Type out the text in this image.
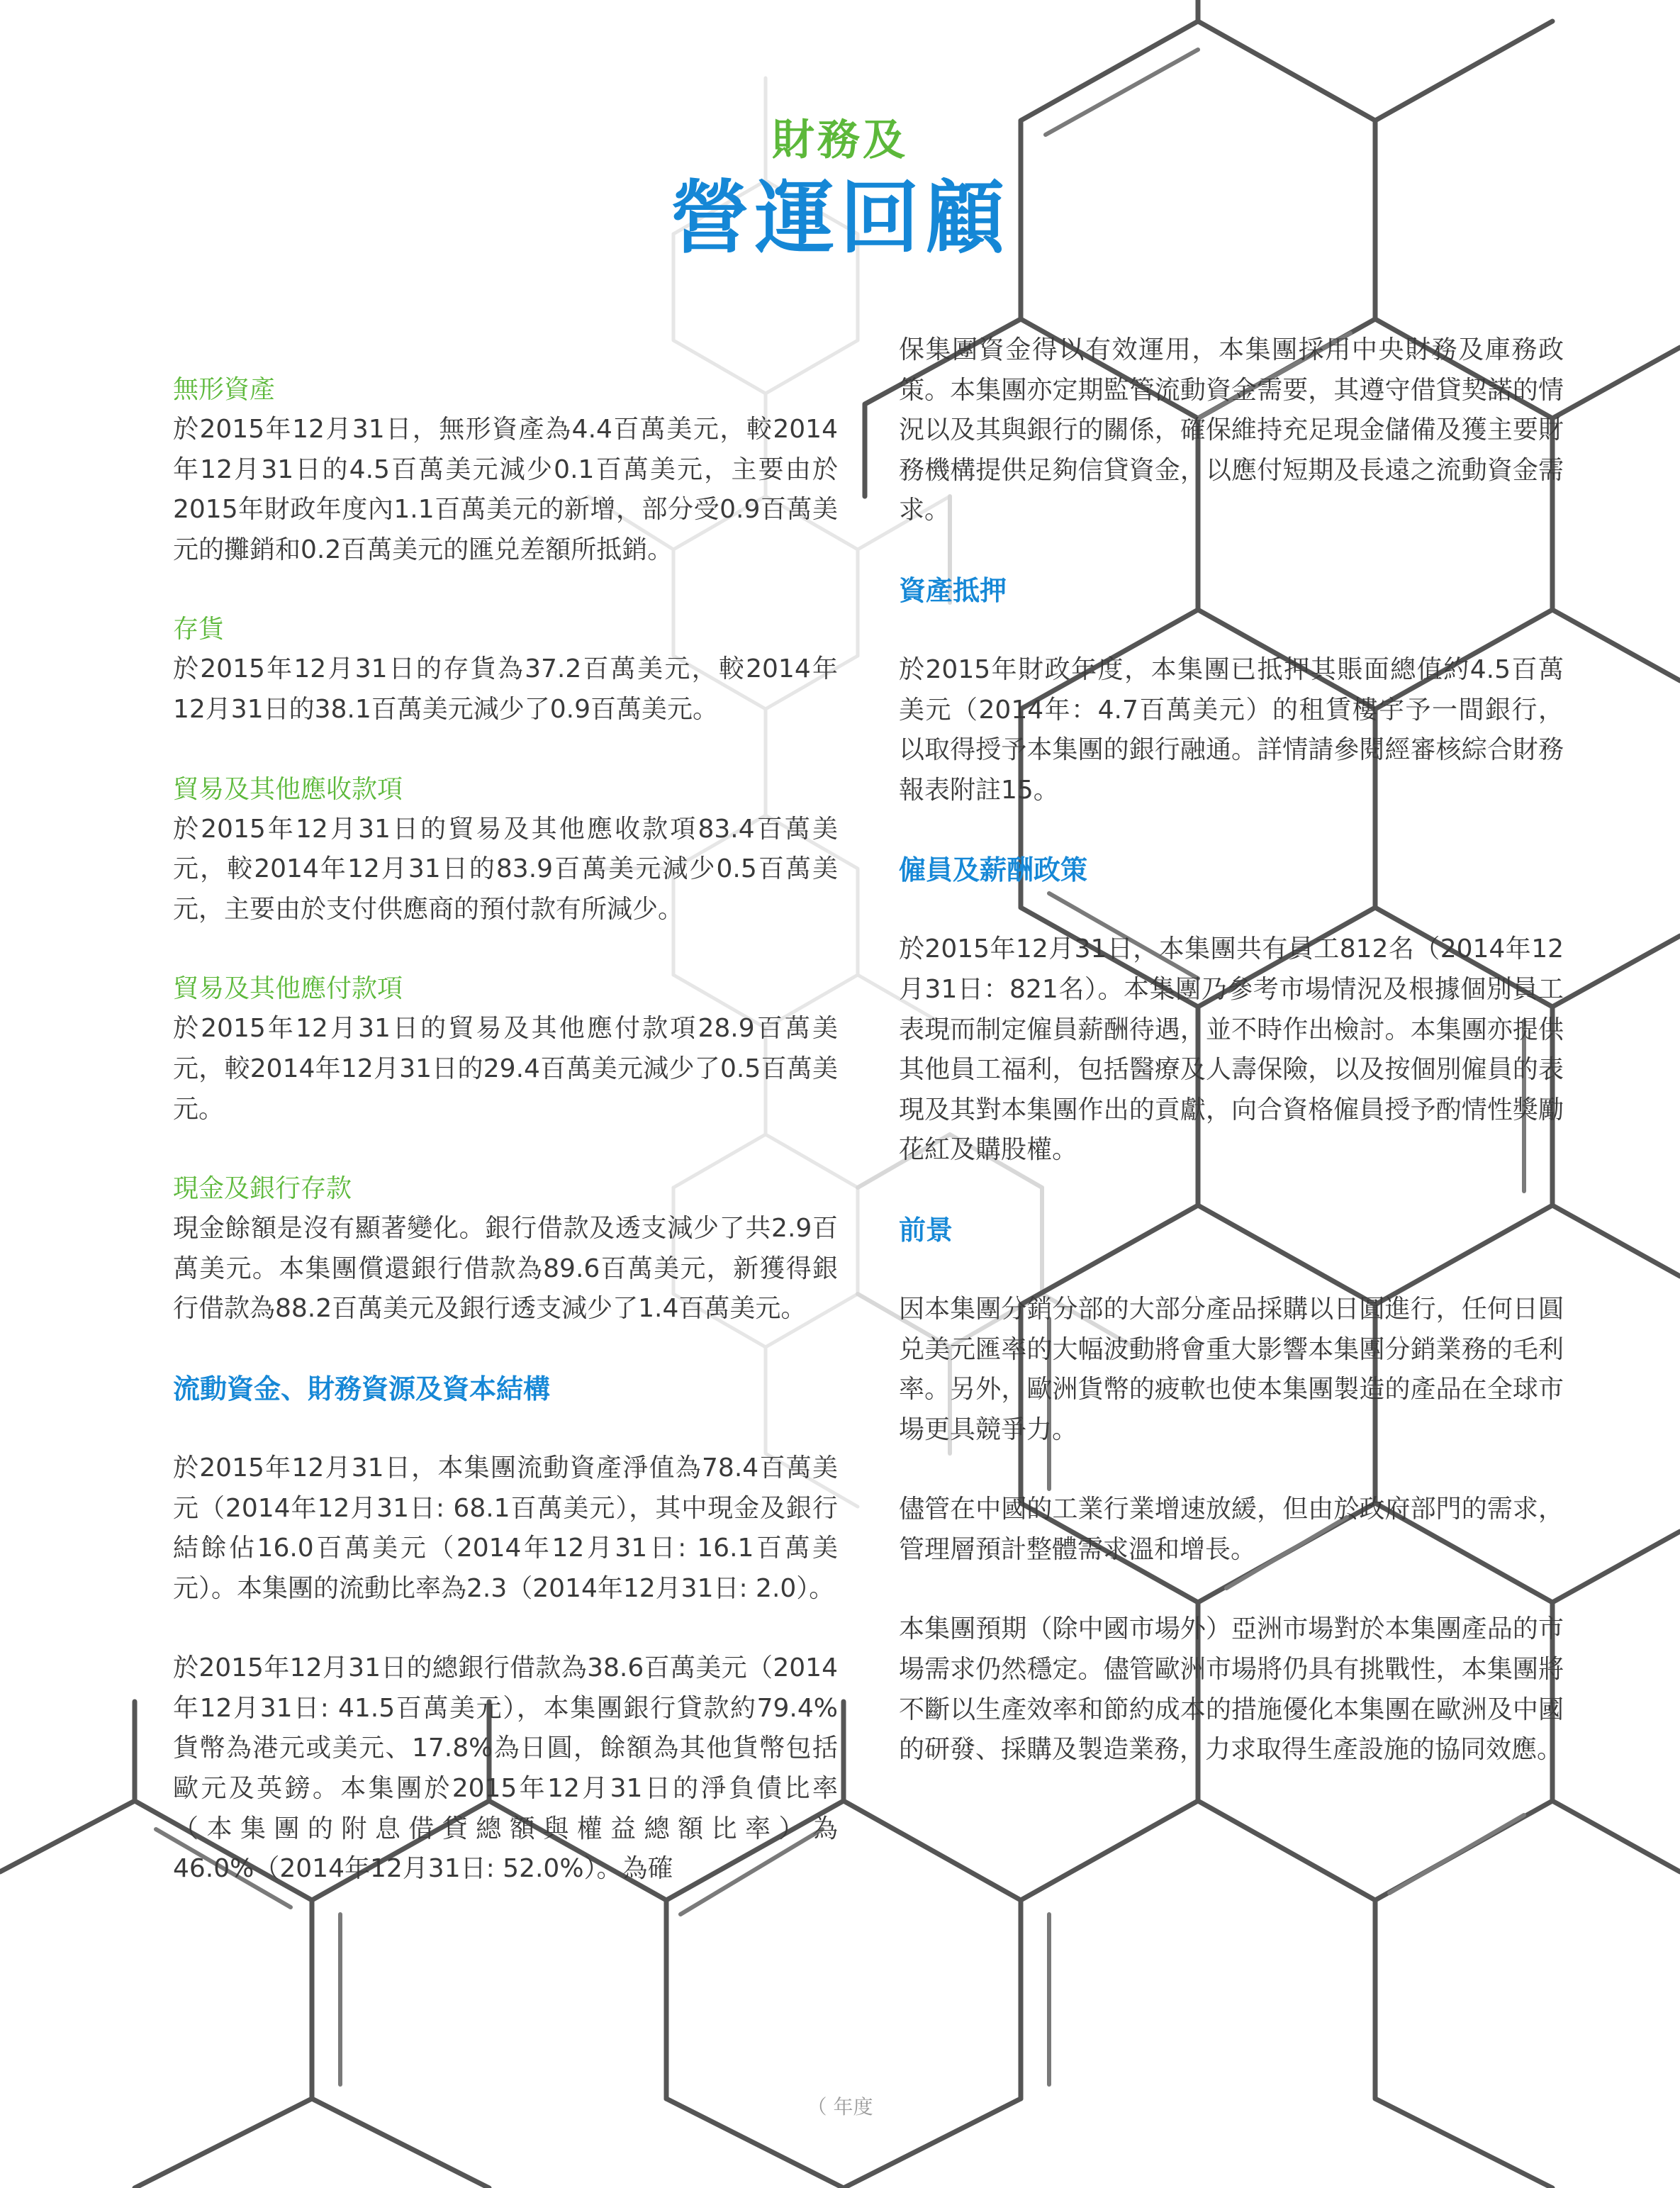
財務及
營運回顧
無形資產

於2015年12月31日，無形資產為4.4百萬美元，較2014年12月31日的4.5百萬美元減少0.1百萬美元，主要由於2015年財政年度內1.1百萬美元的新增，部分受0.9百萬美元的攤銷和0.2百萬美元的匯兑差額所抵銷。

存貨

於2015年12月31日的存貨為37.2百萬美元，較2014年12月31日的38.1百萬美元減少了0.9百萬美元。

貿易及其他應收款項

於2015年12月31日的貿易及其他應收款項83.4百萬美元，較2014年12月31日的83.9百萬美元減少0.5百萬美元，主要由於支付供應商的預付款有所減少。

貿易及其他應付款項

於2015年12月31日的貿易及其他應付款項28.9百萬美元，較2014年12月31日的29.4百萬美元減少了0.5百萬美元。

現金及銀行存款

現金餘額是沒有顯著變化。銀行借款及透支減少了共2.9百萬美元。本集團償還銀行借款為89.6百萬美元，新獲得銀行借款為88.2百萬美元及銀行透支減少了1.4百萬美元。

流動資金、財務資源及資本結構

於2015年12月31日，本集團流動資產淨值為78.4百萬美元（2014年12月31日: 68.1百萬美元），其中現金及銀行結餘佔16.0百萬美元（2014年12月31日: 16.1百萬美元）。本集團的流動比率為2.3（2014年12月31日: 2.0）。

於2015年12月31日的總銀行借款為38.6百萬美元（2014年12月31日: 41.5百萬美元），本集團銀行貸款約79.4%貨幣為港元或美元、17.8%為日圓，餘額為其他貨幣包括歐元及英鎊。本集團於2015年12月31日的淨負債比率（本集團的附息借貸總額與權益總額比率）為46.0%（2014年12月31日: 52.0%）。為確

保集團資金得以有效運用，本集團採用中央財務及庫務政策。本集團亦定期監管流動資金需要，其遵守借貸契諾的情況以及其與銀行的關係，確保維持充足現金儲備及獲主要財務機構提供足夠信貸資金，以應付短期及長遠之流動資金需求。

資產抵押

於2015年財政年度，本集團已抵押其賬面總值約4.5百萬美元（2014年：4.7百萬美元）的租賃樓宇予一間銀行，以取得授予本集團的銀行融通。詳情請參閱經審核綜合財務報表附註15。

僱員及薪酬政策

於2015年12月31日，本集團共有員工812名（2014年12月31日：821名）。本集團乃參考市場情況及根據個別員工表現而制定僱員薪酬待遇，並不時作出檢討。本集團亦提供其他員工福利，包括醫療及人壽保險，以及按個別僱員的表現及其對本集團作出的貢獻，向合資格僱員授予酌情性獎勵花紅及購股權。

前景

因本集團分銷分部的大部分產品採購以日圓進行，任何日圓兑美元匯率的大幅波動將會重大影響本集團分銷業務的毛利率。另外，歐洲貨幣的疲軟也使本集團製造的產品在全球市場更具競爭力。

儘管在中國的工業行業增速放緩，但由於政府部門的需求，管理層預計整體需求溫和增長。

本集團預期（除中國市場外）亞洲市場對於本集團產品的市場需求仍然穩定。儘管歐洲市場將仍具有挑戰性，本集團將不斷以生產效率和節約成本的措施優化本集團在歐洲及中國的研發、採購及製造業務，力求取得生產設施的協同效應。

（ 年度
